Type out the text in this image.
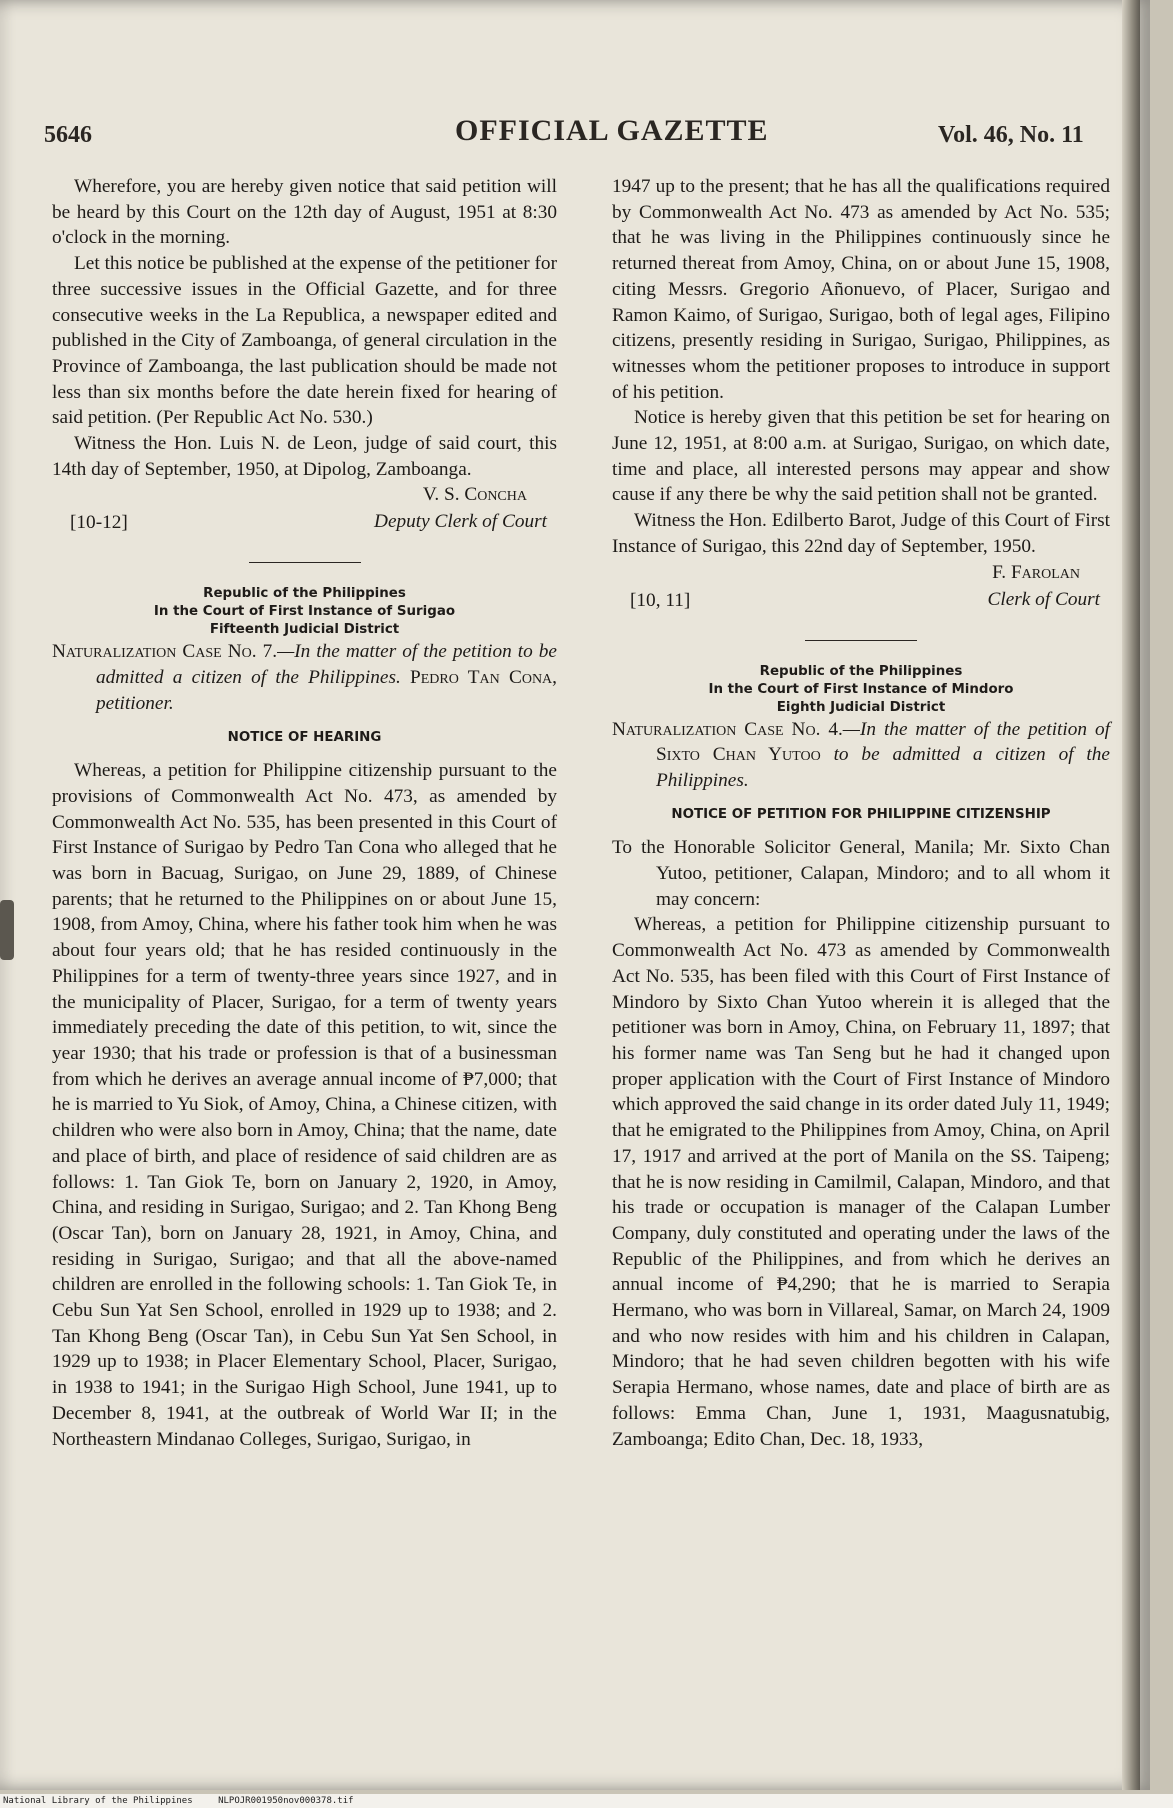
5646	OFFICIAL GAZETTE	Vol. 46, No. 11

Wherefore, you are hereby given notice that said petition will be heard by this Court on the 12th day of August, 1951 at 8:30 o'clock in the morning.

Let this notice be published at the expense of the petitioner for three successive issues in the Official Gazette, and for three consecutive weeks in the La Republica, a newspaper edited and published in the City of Zamboanga, of general circulation in the Province of Zamboanga, the last publication should be made not less than six months before the date herein fixed for hearing of said petition. (Per Republic Act No. 530.)

Witness the Hon. Luis N. de Leon, judge of said court, this 14th day of September, 1950, at Dipolog, Zamboanga.

V. S. Concha
Deputy Clerk of Court
[10-12]
Republic of the Philippines
In the Court of First Instance of Surigao
Fifteenth Judicial District

Naturalization Case No. 7.—In the matter of the petition to be admitted a citizen of the Philippines. Pedro Tan Cona, petitioner.

NOTICE OF HEARING

Whereas, a petition for Philippine citizenship pursuant to the provisions of Commonwealth Act No. 473, as amended by Commonwealth Act No. 535, has been presented in this Court of First Instance of Surigao by Pedro Tan Cona who alleged that he was born in Bacuag, Surigao, on June 29, 1889, of Chinese parents; that he returned to the Philippines on or about June 15, 1908, from Amoy, China, where his father took him when he was about four years old; that he has resided continuously in the Philippines for a term of twenty-three years since 1927, and in the municipality of Placer, Surigao, for a term of twenty years immediately preceding the date of this petition, to wit, since the year 1930; that his trade or profession is that of a businessman from which he derives an average annual income of ₱7,000; that he is married to Yu Siok, of Amoy, China, a Chinese citizen, with children who were also born in Amoy, China; that the name, date and place of birth, and place of residence of said children are as follows: 1. Tan Giok Te, born on January 2, 1920, in Amoy, China, and residing in Surigao, Surigao; and 2. Tan Khong Beng (Oscar Tan), born on January 28, 1921, in Amoy, China, and residing in Surigao, Surigao; and that all the above-named children are enrolled in the following schools: 1. Tan Giok Te, in Cebu Sun Yat Sen School, enrolled in 1929 up to 1938; and 2. Tan Khong Beng (Oscar Tan), in Cebu Sun Yat Sen School, in 1929 up to 1938; in Placer Elementary School, Placer, Surigao, in 1938 to 1941; in the Surigao High School, June 1941, up to December 8, 1941, at the outbreak of World War II; in the Northeastern Mindanao Colleges, Surigao, Surigao, in

1947 up to the present; that he has all the qualifications required by Commonwealth Act No. 473 as amended by Act No. 535; that he was living in the Philippines continuously since he returned thereat from Amoy, China, on or about June 15, 1908, citing Messrs. Gregorio Añonuevo, of Placer, Surigao and Ramon Kaimo, of Surigao, Surigao, both of legal ages, Filipino citizens, presently residing in Surigao, Surigao, Philippines, as witnesses whom the petitioner proposes to introduce in support of his petition.

Notice is hereby given that this petition be set for hearing on June 12, 1951, at 8:00 a.m. at Surigao, Surigao, on which date, time and place, all interested persons may appear and show cause if any there be why the said petition shall not be granted.

Witness the Hon. Edilberto Barot, Judge of this Court of First Instance of Surigao, this 22nd day of September, 1950.

F. Farolan
Clerk of Court
[10, 11]
Republic of the Philippines
In the Court of First Instance of Mindoro
Eighth Judicial District

Naturalization Case No. 4.—In the matter of the petition of Sixto Chan Yutoo to be admitted a citizen of the Philippines.

NOTICE OF PETITION FOR PHILIPPINE CITIZENSHIP

To the Honorable Solicitor General, Manila; Mr. Sixto Chan Yutoo, petitioner, Calapan, Mindoro; and to all whom it may concern:

Whereas, a petition for Philippine citizenship pursuant to Commonwealth Act No. 473 as amended by Commonwealth Act No. 535, has been filed with this Court of First Instance of Mindoro by Sixto Chan Yutoo wherein it is alleged that the petitioner was born in Amoy, China, on February 11, 1897; that his former name was Tan Seng but he had it changed upon proper application with the Court of First Instance of Mindoro which approved the said change in its order dated July 11, 1949; that he emigrated to the Philippines from Amoy, China, on April 17, 1917 and arrived at the port of Manila on the SS. Taipeng; that he is now residing in Camilmil, Calapan, Mindoro, and that his trade or occupation is manager of the Calapan Lumber Company, duly constituted and operating under the laws of the Republic of the Philippines, and from which he derives an annual income of ₱4,290; that he is married to Serapia Hermano, who was born in Villareal, Samar, on March 24, 1909 and who now resides with him and his children in Calapan, Mindoro; that he had seven children begotten with his wife Serapia Hermano, whose names, date and place of birth are as follows: Emma Chan, June 1, 1931, Maagusnatubig, Zamboanga; Edito Chan, Dec. 18, 1933,

National Library of the Philippines	NLPOJR001950nov000378.tif
